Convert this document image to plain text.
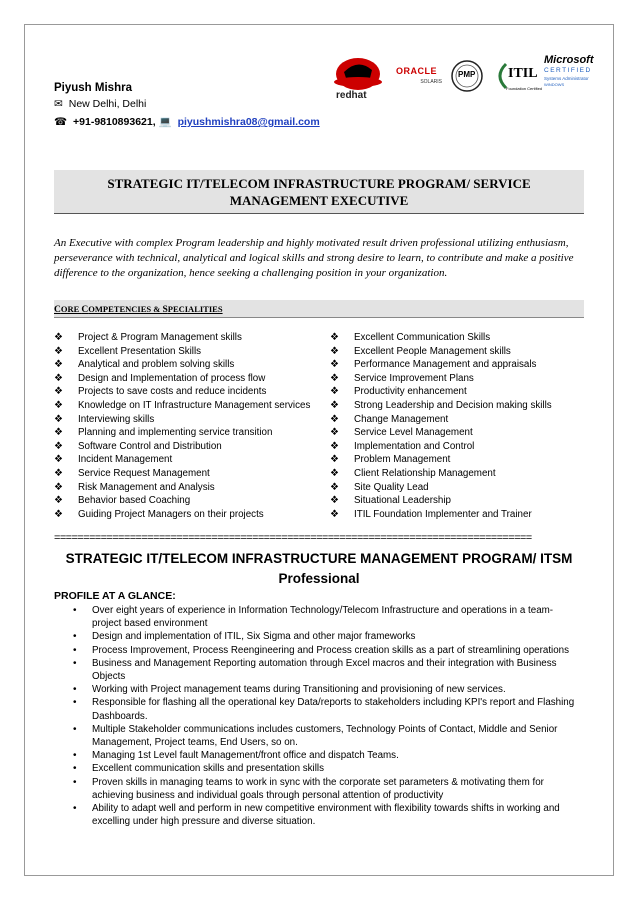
Piyush Mishra
✉ New Delhi, Delhi
☎ +91-9810893621, 💻 piyushmishra08@gmail.com
redhat
ORACLE
SOLARIS
PMP ITIL
Foundation Certified
Microsoft
CERTIFIED
Systems Administrator
WINDOWS
STRATEGIC IT/TELECOM INFRASTRUCTURE PROGRAM/ SERVICE
MANAGEMENT EXECUTIVE
An Executive with complex Program leadership and highly motivated result driven professional utilizing enthusiasm, perseverance with technical, analytical and logical skills and strong desire to learn, to contribute and make a positive difference to the organization, hence seeking a challenging position in your organization.
CORE COMPETENCIES & SPECIALITIES
❖ Project & Program Management skills
❖ Excellent Presentation Skills
❖ Analytical and problem solving skills
❖ Design and Implementation of process flow
❖ Projects to save costs and reduce incidents
❖ Knowledge on IT Infrastructure Management services
❖ Interviewing skills
❖ Planning and implementing service transition
❖ Software Control and Distribution
❖ Incident Management
❖ Service Request Management
❖ Risk Management and Analysis
❖ Behavior based Coaching
❖ Guiding Project Managers on their projects
❖ Excellent Communication Skills
❖ Excellent People Management skills
❖ Performance Management and appraisals
❖ Service Improvement Plans
❖ Productivity enhancement
❖ Strong Leadership and Decision making skills
❖ Change Management
❖ Service Level Management
❖ Implementation and Control
❖ Problem Management
❖ Client Relationship Management
❖ Site Quality Lead
❖ Situational Leadership
❖ ITIL Foundation Implementer and Trainer
==================================================================================
STRATEGIC IT/TELECOM INFRASTRUCTURE MANAGEMENT PROGRAM/ ITSM
Professional
PROFILE AT A GLANCE:
• Over eight years of experience in Information Technology/Telecom Infrastructure and operations in a team-project based environment
• Design and implementation of ITIL, Six Sigma and other major frameworks
• Process Improvement, Process Reengineering and Process creation skills as a part of streamlining operations
• Business and Management Reporting automation through Excel macros and their integration with Business Objects
• Working with Project management teams during Transitioning and provisioning of new services.
• Responsible for flashing all the operational key Data/reports to stakeholders including KPI's report and Flashing Dashboards.
• Multiple Stakeholder communications includes customers, Technology Points of Contact, Middle and Senior Management, Project teams, End Users, so on.
• Managing 1st Level fault Management/front office and dispatch Teams.
• Excellent communication skills and presentation skills
• Proven skills in managing teams to work in sync with the corporate set parameters & motivating them for achieving business and individual goals through personal attention of productivity
• Ability to adapt well and perform in new competitive environment with flexibility towards shifts in working and excelling under high pressure and diverse situation.
